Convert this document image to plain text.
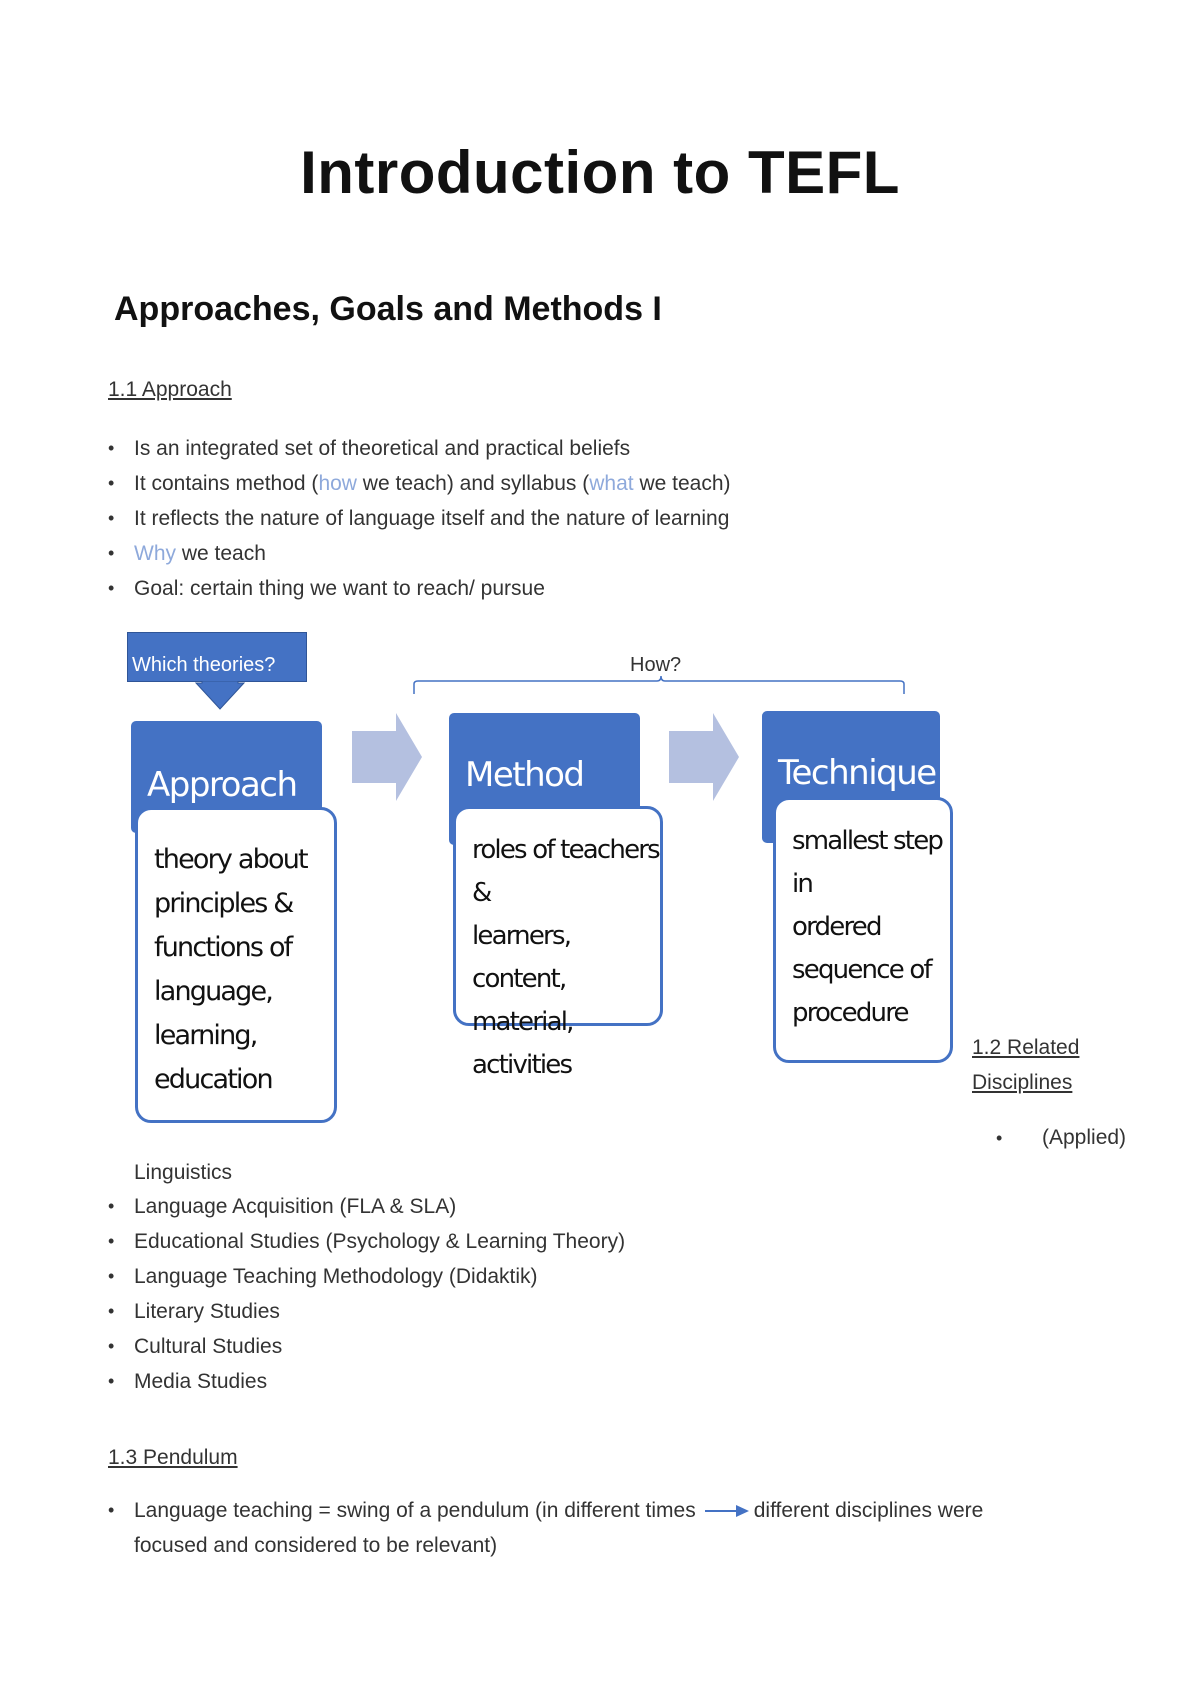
Introduction to TEFL
Approaches, Goals and Methods I
1.1 Approach
• Is an integrated set of theoretical and practical beliefs
• It contains method (how we teach) and syllabus (what we teach)
• It reflects the nature of language itself and the nature of learning
• Why we teach
• Goal: certain thing we want to reach/ pursue
Which theories?	How?
Approach
theory about
principles &
functions of
language,
learning,
education
Method
roles of teachers &
learners, content,
material, activities
Technique
smallest step in
ordered
sequence of
procedure
1.2 Related
Disciplines
• (Applied)
Linguistics
• Language Acquisition (FLA & SLA)
• Educational Studies (Psychology & Learning Theory)
• Language Teaching Methodology (Didaktik)
• Literary Studies
• Cultural Studies
• Media Studies
1.3 Pendulum
• Language teaching = swing of a pendulum (in different times	different disciplines were
focused and considered to be relevant)
